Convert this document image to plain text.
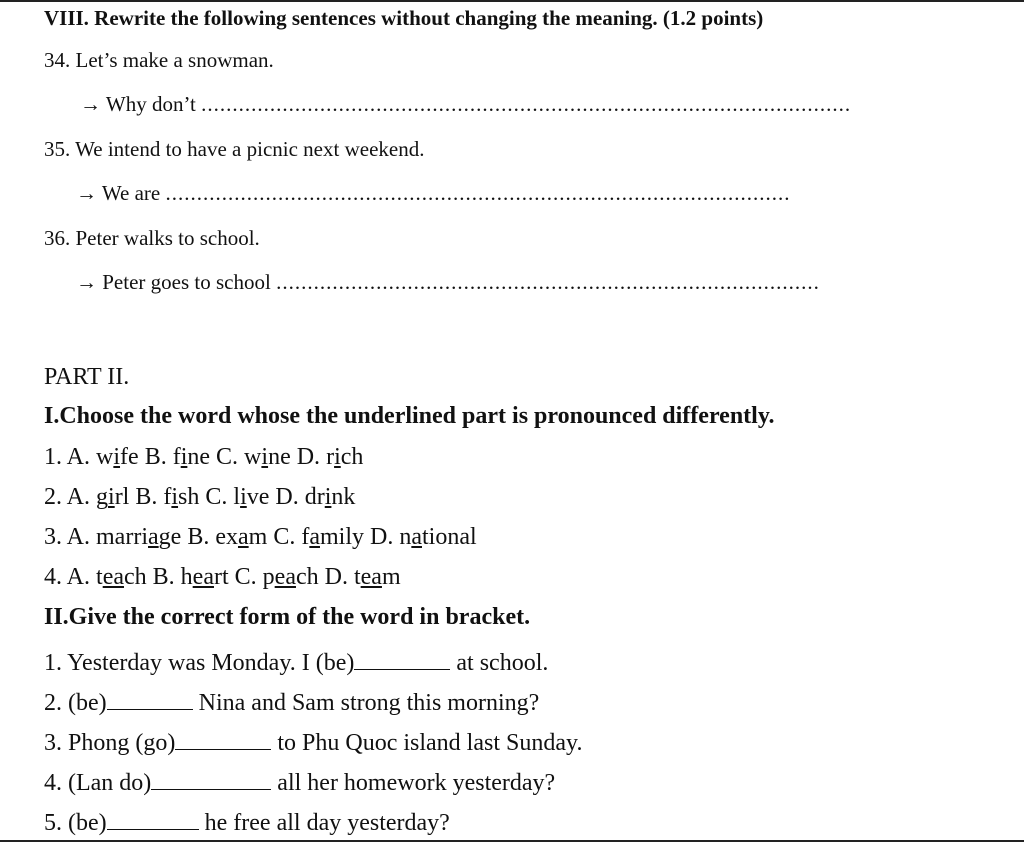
VIII. Rewrite the following sentences without changing the meaning. (1.2 points)
34. Let’s make a snowman.
→ Why don’t ........................................................................................................
35. We intend to have a picnic next weekend.
→ We are ....................................................................................................
36. Peter walks to school.
→ Peter goes to school .......................................................................................
PART II.
I.Choose the word whose the underlined part is pronounced differently.
1. A. wife B. fine C. wine D. rich
2. A. girl B. fish C. live D. drink
3. A. marriage B. exam C. family D. national
4. A. teach B. heart C. peach D. team
II.Give the correct form of the word in bracket.
1. Yesterday was Monday. I (be)	at school.
2. (be)	Nina and Sam strong this morning?
3. Phong (go)	to Phu Quoc island last Sunday.
4. (Lan do)	all her homework yesterday?
5. (be)	he free all day yesterday?
